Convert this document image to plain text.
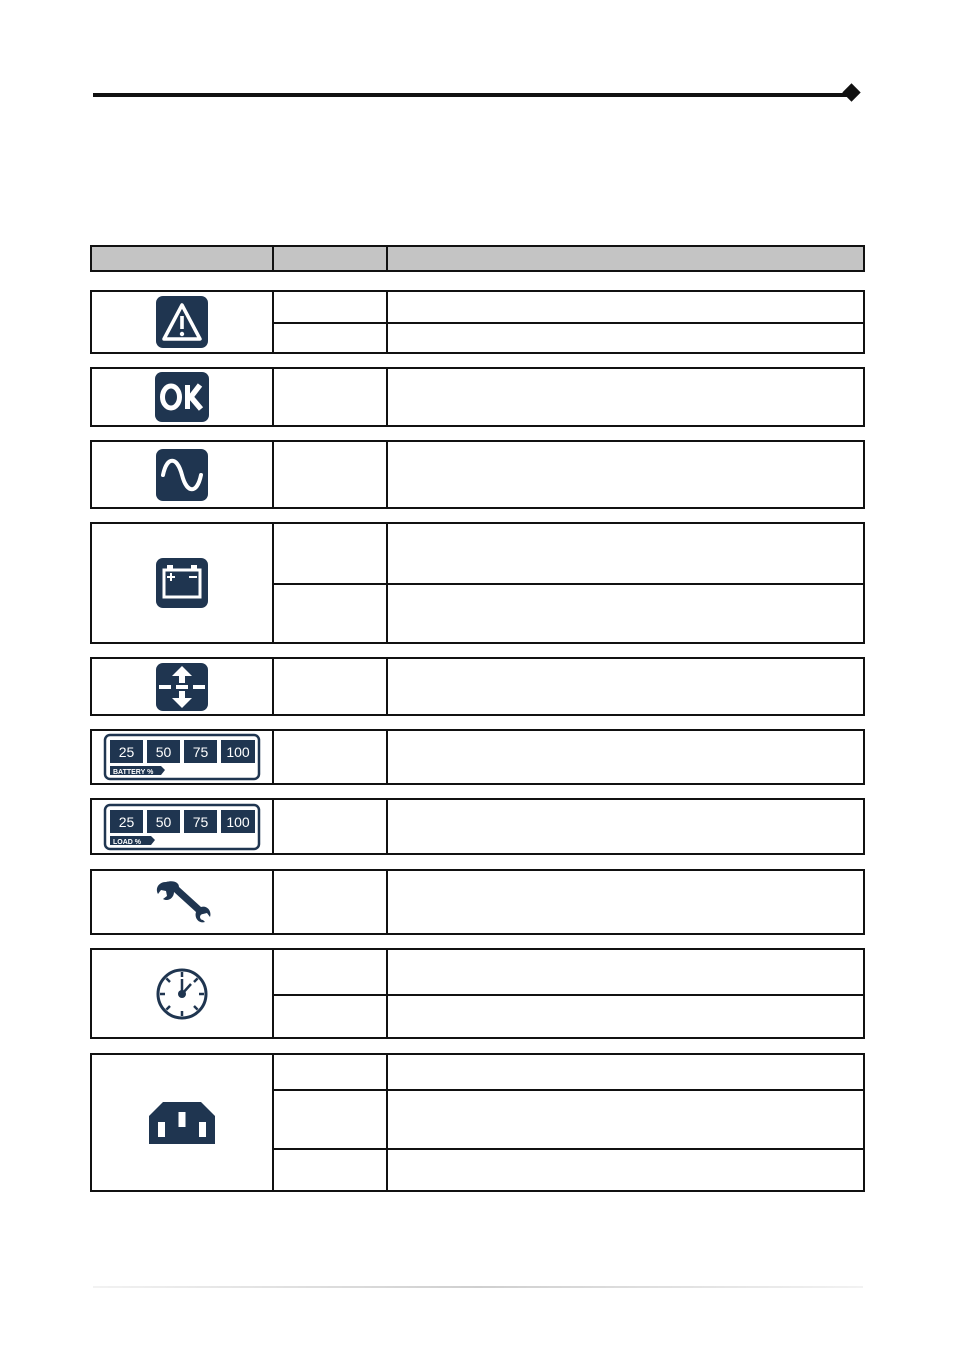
25 50 75 100
BATTERY %
25 50 75 100
LOAD %
